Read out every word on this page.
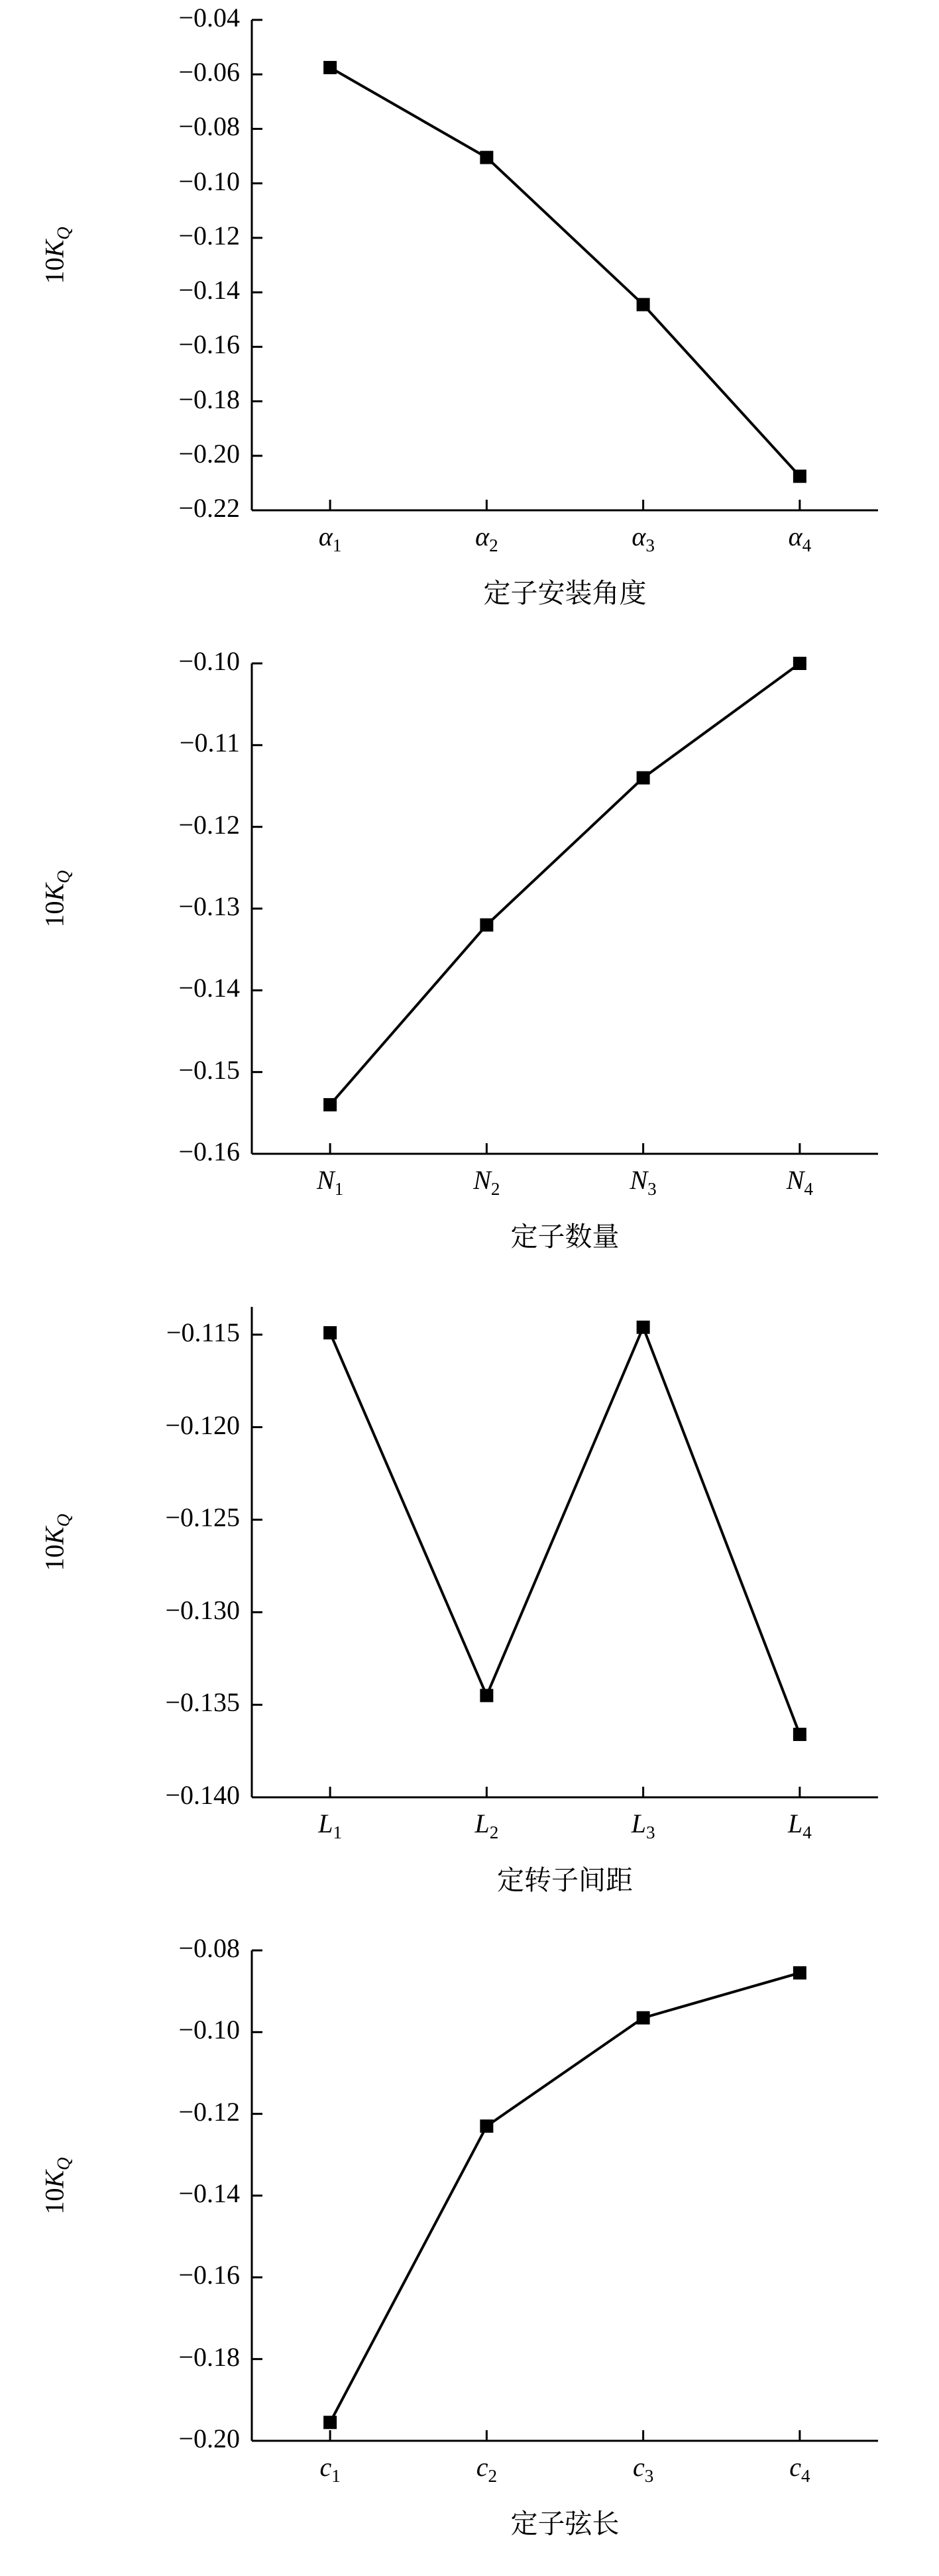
−0.04
−0.06
−0.08
−0.10
−0.12
−0.14
−0.16
−0.18
−0.20
−0.22
$10K_Q$
$\alpha_1$	$\alpha_2$	$\alpha_3$	$\alpha_4$
定子安装角度
−0.10
−0.11
−0.12
−0.13
−0.14
−0.15
−0.16
$10K_Q$
$N_1$	$N_2$	$N_3$	$N_4$
定子数量
−0.115
−0.120
−0.125
−0.130
−0.135
−0.140
$10K_Q$
$L_1$	$L_2$	$L_3$	$L_4$
定转子间距
−0.08
−0.10
−0.12
−0.14
−0.16
−0.18
−0.20
$10K_Q$
$c_1$	$c_2$	$c_3$	$c_4$
定子弦长
